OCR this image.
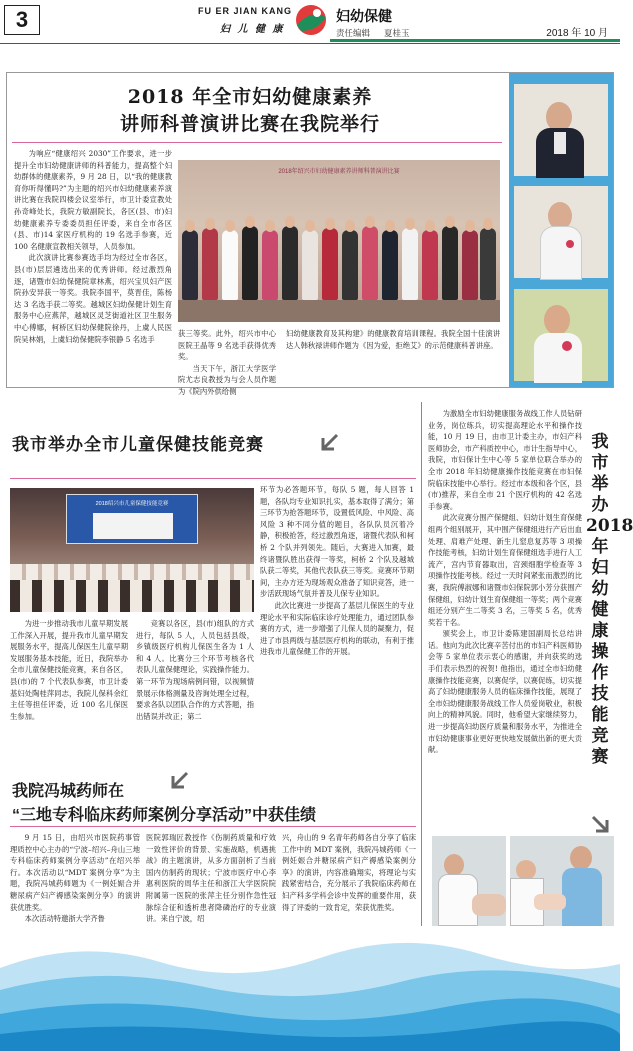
3	FU ER JIAN KANG
妇 儿 健 康
妇幼保健
责任编辑 夏桂玉	2018 年 10 月
2018 年全市妇幼健康素养
讲师科普演讲比赛在我院举行

为响应“健康绍兴 2030”工作要求，进一步提升全市妇幼健康讲师的科普能力，提高整个妇幼群体的健康素养，9 月 28 日，以“我的健康教育你听得懂吗?”为主题的绍兴市妇幼健康素养演讲比赛在我院四楼会议室举行，市卫计委宣教处孙奇峰处长，我院方敏副院长，各区(县、市)妇幼健康素养专委委员担任评委，来自全市各区(县、市)14 家医疗机构的 19 名选手参赛，近 100 名健康宣教相关领导，人员参加。

此次演讲比赛参赛选手均为经过全市各区，县(市)层层遴选出来的优秀讲师。经过激烈角逐，诸暨市妇幼保健院章林燕，绍兴宝贝妇产医院孙安异获一等奖。我院李国平，莫晋佳，陈杨达 3 名选手获二等奖。越城区妇幼保健计划生育服务中心应燕萍，越城区灵芝街道社区卫生服务中心傅娜，柯桥区妇幼保健院徐丹，上虞人民医院吴林娟，上虞妇幼保健院李银静 5 名选手

2018年绍兴市妇幼健康素养讲师科普演讲比赛

获三等奖。此外，绍兴市中心医院王晶等 9 名选手获得优秀奖。

当天下午，浙江大学医学院尤志良教授为与会人员作题为《院内外供给侧

妇幼健康教育及其构建》的健康教育培训课程。我院全国十佳演讲达人韩秋禄讲师作题为《因为爱，拒绝艾》的示范健康科普讲座。

我市举办全市儿童保健技能竞赛
2018绍兴市儿童保健技能竞赛

为进一步推动我市儿童早期发展工作深入开展，提升我市儿童早期发展服务水平，提高儿保医生儿童早期发展服务基本技能，近日，我院举办全市儿童保健技能竞赛，来自各区，县(市)的 7 个代表队参赛，市卫计委基妇处陶桂萍同志，我院儿保科余红主任等担任评委，近 100 名儿保医生参加。

竞赛以各区，县(市)组队的方式进行，每队 5 人，人员包括县级，乡镇级医疗机构儿保医生各为 1 人和 4 人。比赛分三个环节考核各代表队儿童保健理论，实践操作能力。第一环节为现场病例问错，以视频情景展示体格测量及咨询处理全过程，要求各队以团队合作的方式答题，指出错误并改正；第二

环节为必答题环节，每队 5 题，每人回答 1 题，各队均专业知识扎实，基本取得了满分；第三环节为抢答题环节，设置低风险、中风险、高风险 3 种不同分值的题目，各队队员沉着冷静，积极抢答，经过激烈角逐，诸暨代表队和柯桥 2 个队并列领先。随后，大赛进入加赛，最终诸暨队胜出获得一等奖，柯桥 2 个队及越城队获二等奖，其他代表队获三等奖。竞赛环节期间，主办方还为现场观众准备了知识竞答，进一步活跃现场气氛并普及儿保专业知识。

此次比赛进一步提高了基层儿保医生的专业理论水平和实际临床诊疗处理能力，通过团队参赛的方式，进一步增强了儿保人员的凝聚力，促进了市县两级与基层医疗机构的联动，有利于推进我市儿童保健工作的开展。

为激励全市妇幼健康服务战线工作人员钻研业务，岗位练兵，切实提高理论水平和操作技能，10 月 19 日，由市卫计委主办，市妇产科医师协会，市产科质控中心，市计生指导中心，我院，市妇保计生中心等 5 家单位联合举办的全市 2018 年妇幼健康操作技能竞赛在市妇保院临床技能中心举行。经过市本级和各个区，县(市)推荐，来自全市 21 个医疗机构的 42 名选手参赛。

此次竞赛分围产保健组、妇幼计划生育保健组两个组别展开，其中围产保健组进行产后出血处理、肩难产处理、新生儿窒息复苏等 3 项操作技能考核，妇幼计划生育保健组选手进行人工流产，宫内节育器取出，宫颈细胞学检查等 3 项操作技能考核。经过一天时间紧张而激烈的比赛，我院傅淑娜和诸暨市妇保院郭小芳分获围产保健组，妇幼计划生育保健组一等奖；两个竞赛组还分别产生二等奖 3 名，三等奖 5 名，优秀奖若干名。

颁奖会上，市卫计委陈建国副局长总结讲话。他向为此次比赛辛苦付出的市妇产科医师协会等 5 家单位表示衷心的感谢，并向获奖的选手们表示热烈的祝贺! 他指出，通过全市妇幼健康操作技能竞赛，以赛促学，以赛促练，切实提高了妇幼健康服务人员的临床操作技能，展现了全市妇幼健康服务战线工作人员爱岗敬业，积极向上的精神风貌。同时，他希望大家继续努力，进一步提高妇幼医疗质量和服务水平，为推进全市妇幼健康事业更好更快地发展做出新的更大贡献。

我市举办 2018 年妇幼健康操作技能竞赛
我院冯城药师在
“三地专科临床药师案例分享活动”中获佳绩

9 月 15 日，由绍兴市医院药事管理质控中心主办的“宁波–绍兴–舟山三地专科临床药师案例分享活动”在绍兴举行。本次活动以“MDT 案例分享”为主题，我院冯城药师题为《一例妊娠合并糖尿病产妇产褥感染案例分享》的演讲获优胜奖。

本次活动特邀浙大学齐鲁

医院郭瑞匠教授作《伤制药质量和疗效一致性评价的背景、实施战略，机遇挑战》的主题演讲，从多方面剖析了当前国内仿制药的现状；宁波市医疗中心李惠利医院的周华主任和浙江大学医院院附属第一医院的张萍主任分别作急性冠脉综合征和透析患者降磷治疗的专业演讲。来自宁波，绍

兴，舟山的 9 名青年药师各自分享了临床工作中的 MDT 案例，我院冯城药师《一例妊娠合并糖尿病产妇产褥感染案例分享》的演讲，内容准确翔实，将理论与实践紧密结合，充分展示了我院临床药师在妇产科多学科会诊中发挥的重要作用，获得了评委的一致肯定，荣获优胜奖。
